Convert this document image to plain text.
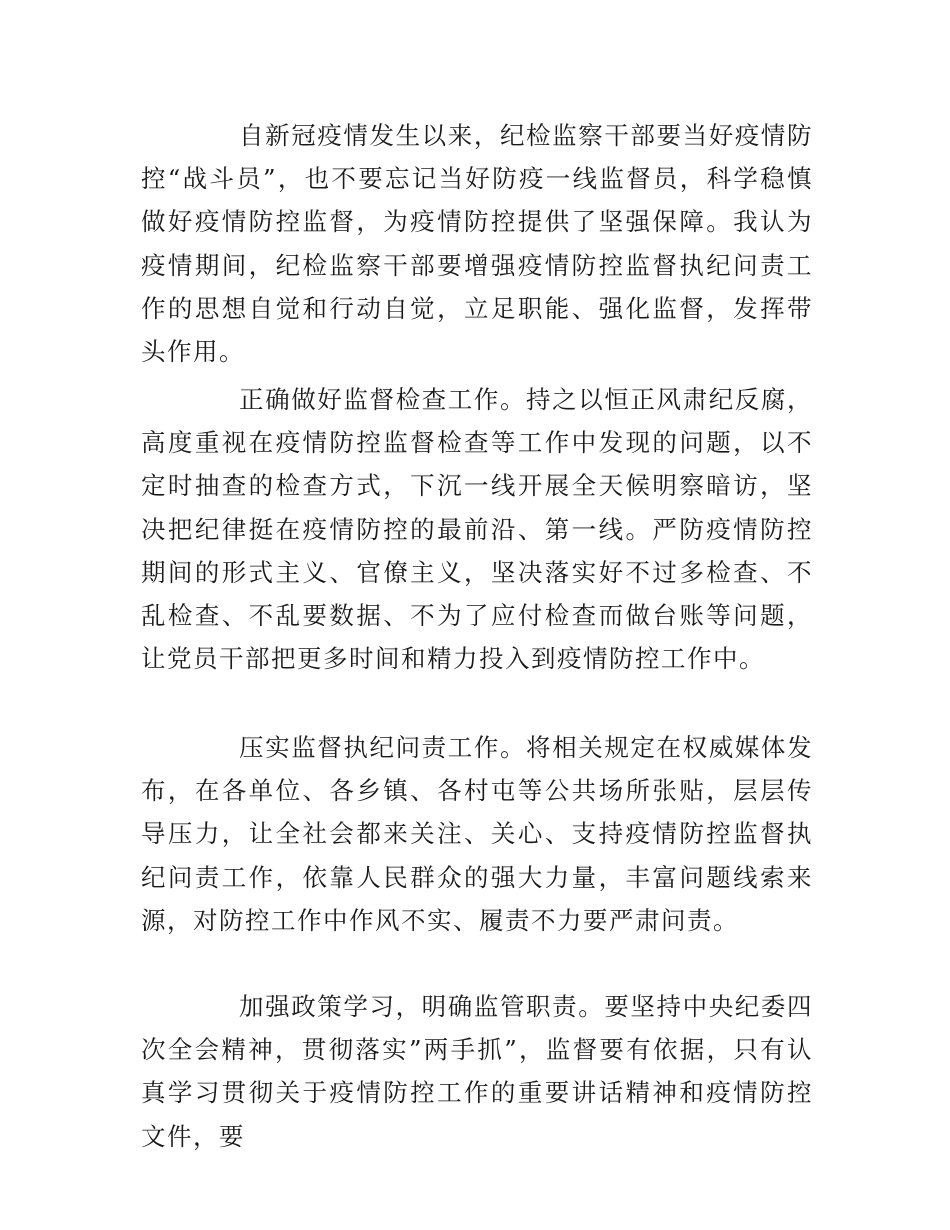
自新冠疫情发生以来，纪检监察干部要当好疫情防控“战斗员”，也不要忘记当好防疫一线监督员，科学稳慎做好疫情防控监督，为疫情防控提供了坚强保障。我认为疫情期间，纪检监察干部要增强疫情防控监督执纪问责工作的思想自觉和行动自觉，立足职能、强化监督，发挥带头作用。

正确做好监督检查工作。持之以恒正风肃纪反腐，高度重视在疫情防控监督检查等工作中发现的问题，以不定时抽查的检查方式，下沉一线开展全天候明察暗访，坚决把纪律挺在疫情防控的最前沿、第一线。严防疫情防控期间的形式主义、官僚主义，坚决落实好不过多检查、不乱检查、不乱要数据、不为了应付检查而做台账等问题，让党员干部把更多时间和精力投入到疫情防控工作中。

压实监督执纪问责工作。将相关规定在权威媒体发布，在各单位、各乡镇、各村屯等公共场所张贴，层层传导压力，让全社会都来关注、关心、支持疫情防控监督执纪问责工作，依靠人民群众的强大力量，丰富问题线索来源，对防控工作中作风不实、履责不力要严肃问责。

加强政策学习，明确监管职责。要坚持中央纪委四次全会精神，贯彻落实”两手抓”，监督要有依据，只有认真学习贯彻关于疫情防控工作的重要讲话精神和疫情防控文件，要
